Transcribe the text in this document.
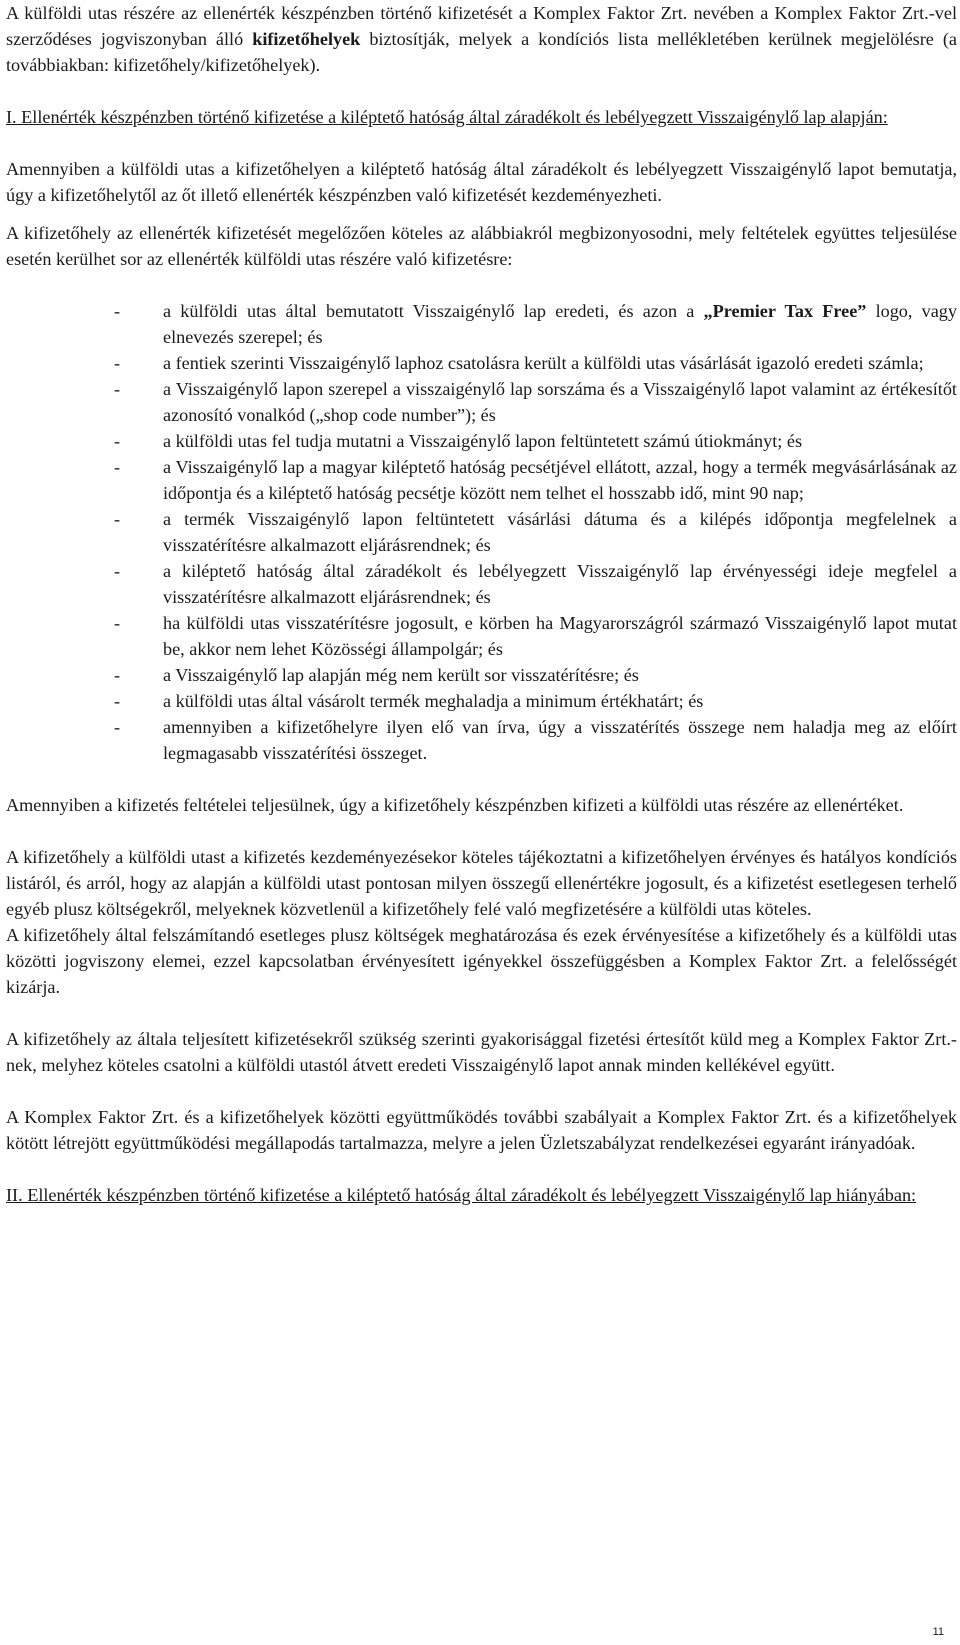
A külföldi utas részére az ellenérték készpénzben történő kifizetését a Komplex Faktor Zrt. nevében a Komplex Faktor Zrt.-vel szerződéses jogviszonyban álló kifizetőhelyek biztosítják, melyek a kondíciós lista mellékletében kerülnek megjelölésre (a továbbiakban: kifizetőhely/kifizetőhelyek).

I. Ellenérték készpénzben történő kifizetése a kiléptető hatóság által záradékolt és lebélyegzett Visszaigénylő lap alapján:

Amennyiben a külföldi utas a kifizetőhelyen a kiléptető hatóság által záradékolt és lebélyegzett Visszaigénylő lapot bemutatja, úgy a kifizetőhelytől az őt illető ellenérték készpénzben való kifizetését kezdeményezheti.

A kifizetőhely az ellenérték kifizetését megelőzően köteles az alábbiakról megbizonyosodni, mely feltételek együttes teljesülése esetén kerülhet sor az ellenérték külföldi utas részére való kifizetésre:

- a külföldi utas által bemutatott Visszaigénylő lap eredeti, és azon a „Premier Tax Free” logo, vagy elnevezés szerepel; és
- a fentiek szerinti Visszaigénylő laphoz csatolásra került a külföldi utas vásárlását igazoló eredeti számla;
- a Visszaigénylő lapon szerepel a visszaigénylő lap sorszáma és a Visszaigénylő lapot valamint az értékesítőt azonosító vonalkód („shop code number”); és
- a külföldi utas fel tudja mutatni a Visszaigénylő lapon feltüntetett számú útiokmányt; és
- a Visszaigénylő lap a magyar kiléptető hatóság pecsétjével ellátott, azzal, hogy a termék megvásárlásának az időpontja és a kiléptető hatóság pecsétje között nem telhet el hosszabb idő, mint 90 nap;
- a termék Visszaigénylő lapon feltüntetett vásárlási dátuma és a kilépés időpontja megfelelnek a visszatérítésre alkalmazott eljárásrendnek; és
- a kiléptető hatóság által záradékolt és lebélyegzett Visszaigénylő lap érvényességi ideje megfelel a visszatérítésre alkalmazott eljárásrendnek; és
- ha külföldi utas visszatérítésre jogosult, e körben ha Magyarországról származó Visszaigénylő lapot mutat be, akkor nem lehet Közösségi állampolgár; és
- a Visszaigénylő lap alapján még nem került sor visszatérítésre; és
- a külföldi utas által vásárolt termék meghaladja a minimum értékhatárt; és
- amennyiben a kifizetőhelyre ilyen elő van írva, úgy a visszatérítés összege nem haladja meg az előírt legmagasabb visszatérítési összeget.

Amennyiben a kifizetés feltételei teljesülnek, úgy a kifizetőhely készpénzben kifizeti a külföldi utas részére az ellenértéket.

A kifizetőhely a külföldi utast a kifizetés kezdeményezésekor köteles tájékoztatni a kifizetőhelyen érvényes és hatályos kondíciós listáról, és arról, hogy az alapján a külföldi utast pontosan milyen összegű ellenértékre jogosult, és a kifizetést esetlegesen terhelő egyéb plusz költségekről, melyeknek közvetlenül a kifizetőhely felé való megfizetésére a külföldi utas köteles.

A kifizetőhely által felszámítandó esetleges plusz költségek meghatározása és ezek érvényesítése a kifizetőhely és a külföldi utas közötti jogviszony elemei, ezzel kapcsolatban érvényesített igényekkel összefüggésben a Komplex Faktor Zrt. a felelősségét kizárja.

A kifizetőhely az általa teljesített kifizetésekről szükség szerinti gyakorisággal fizetési értesítőt küld meg a Komplex Faktor Zrt.-nek, melyhez köteles csatolni a külföldi utastól átvett eredeti Visszaigénylő lapot annak minden kellékével együtt.

A Komplex Faktor Zrt. és a kifizetőhelyek közötti együttműködés további szabályait a Komplex Faktor Zrt. és a kifizetőhelyek kötött létrejött együttműködési megállapodás tartalmazza, melyre a jelen Üzletszabályzat rendelkezései egyaránt irányadóak.

II. Ellenérték készpénzben történő kifizetése a kiléptető hatóság által záradékolt és lebélyegzett Visszaigénylő lap hiányában:

11
